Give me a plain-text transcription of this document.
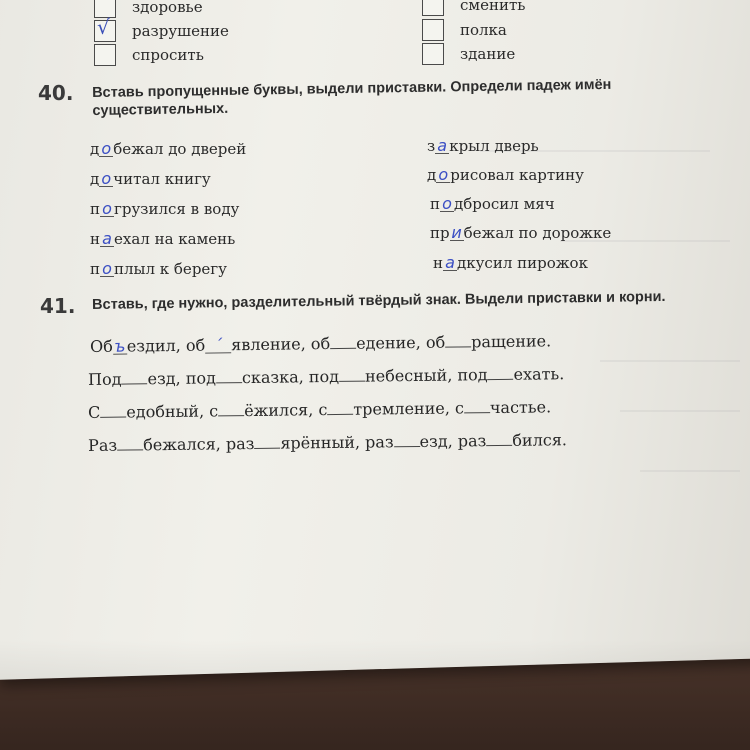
здоровье
√ разрушение
спросить
сменить
полка
здание
40. Вставь пропущенные буквы, выдели приставки. Определи падеж имён
существительных.
д о бежал до дверей
д о читал книгу
п о грузился в воду
н а ехал на камень
п о плыл к берегу
з а крыл дверь
д о рисовал картину
п о дбросил мяч
пр и бежал по дорожке
н а дкусил пирожок
41. Вставь, где нужно, разделительный твёрдый знак. Выдели приставки и корни.
Объездил, об ´ явление, об едение, об ращение.
Под езд, под сказка, под небесный, под ехать.
С едобный, с ёжился, с тремление, с частье.
Раз бежался, раз ярённый, раз езд, раз бился.
